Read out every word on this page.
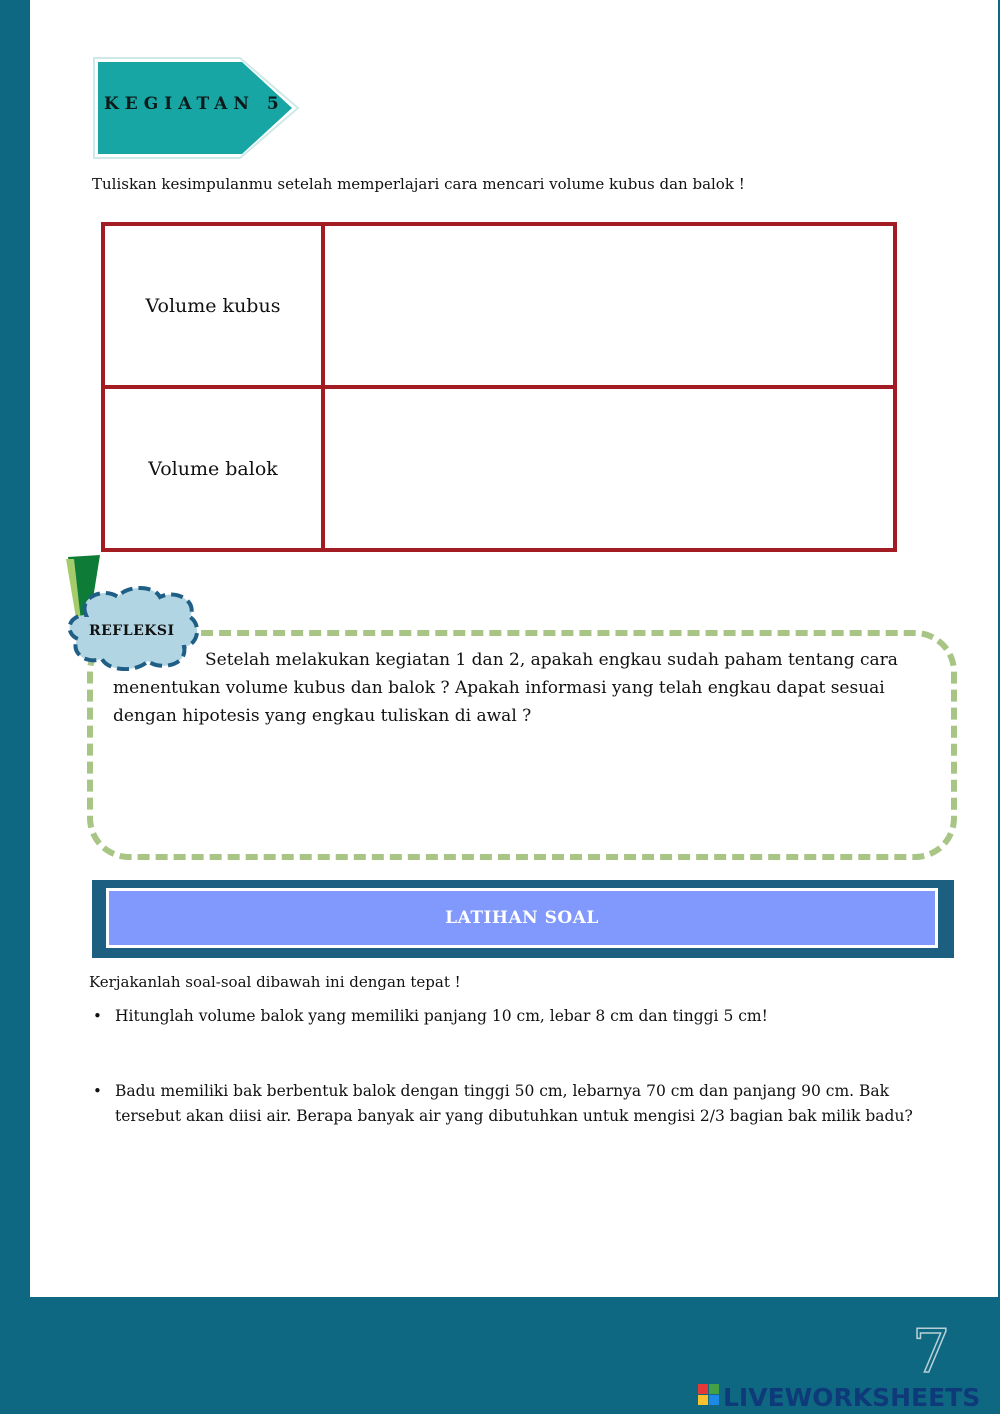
KEGIATAN 5
Tuliskan kesimpulanmu setelah memperlajari cara mencari volume kubus dan balok !
Volume kubus
Volume balok
REFLEKSI
Setelah melakukan kegiatan 1 dan 2, apakah engkau sudah paham tentang cara menentukan volume kubus dan balok ? Apakah informasi yang telah engkau dapat sesuai dengan hipotesis yang engkau tuliskan di awal ?
LATIHAN SOAL
Kerjakanlah soal-soal dibawah ini dengan tepat !
• Hitunglah volume balok yang memiliki panjang 10 cm, lebar 8 cm dan tinggi 5 cm!
• Badu memiliki bak berbentuk balok dengan tinggi 50 cm, lebarnya 70 cm dan panjang 90 cm. Bak tersebut akan diisi air. Berapa banyak air yang dibutuhkan untuk mengisi 2/3 bagian bak milik badu?
7
LIVEWORKSHEETS
